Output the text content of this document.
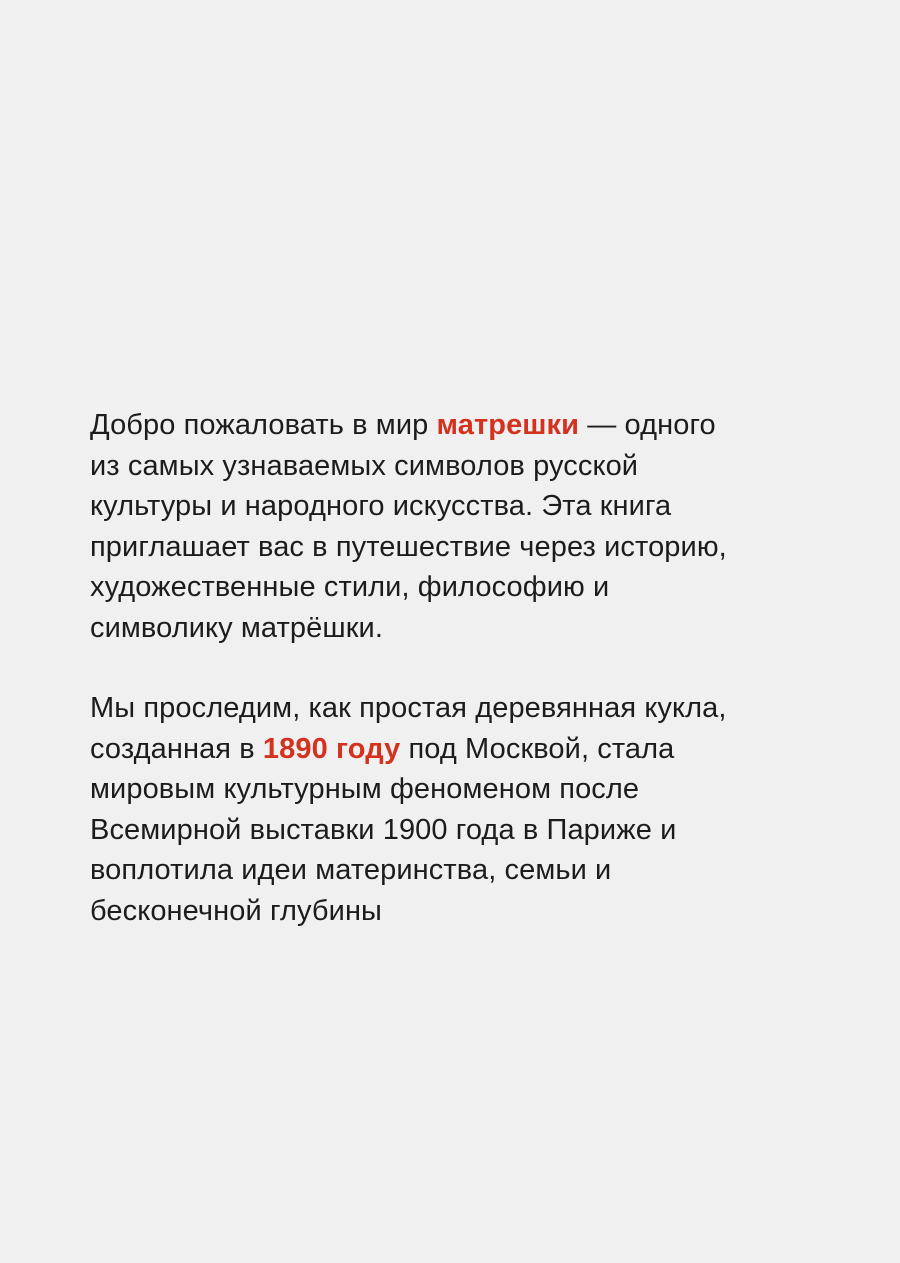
Добро пожаловать в мир матрешки — одного
из самых узнаваемых символов русской
культуры и народного искусства. Эта книга
приглашает вас в путешествие через историю,
художественные стили, философию и
символику матрёшки.

Мы проследим, как простая деревянная кукла,
созданная в 1890 году под Москвой, стала
мировым культурным феноменом после
Всемирной выставки 1900 года в Париже и
воплотила идеи материнства, семьи и
бесконечной глубины
